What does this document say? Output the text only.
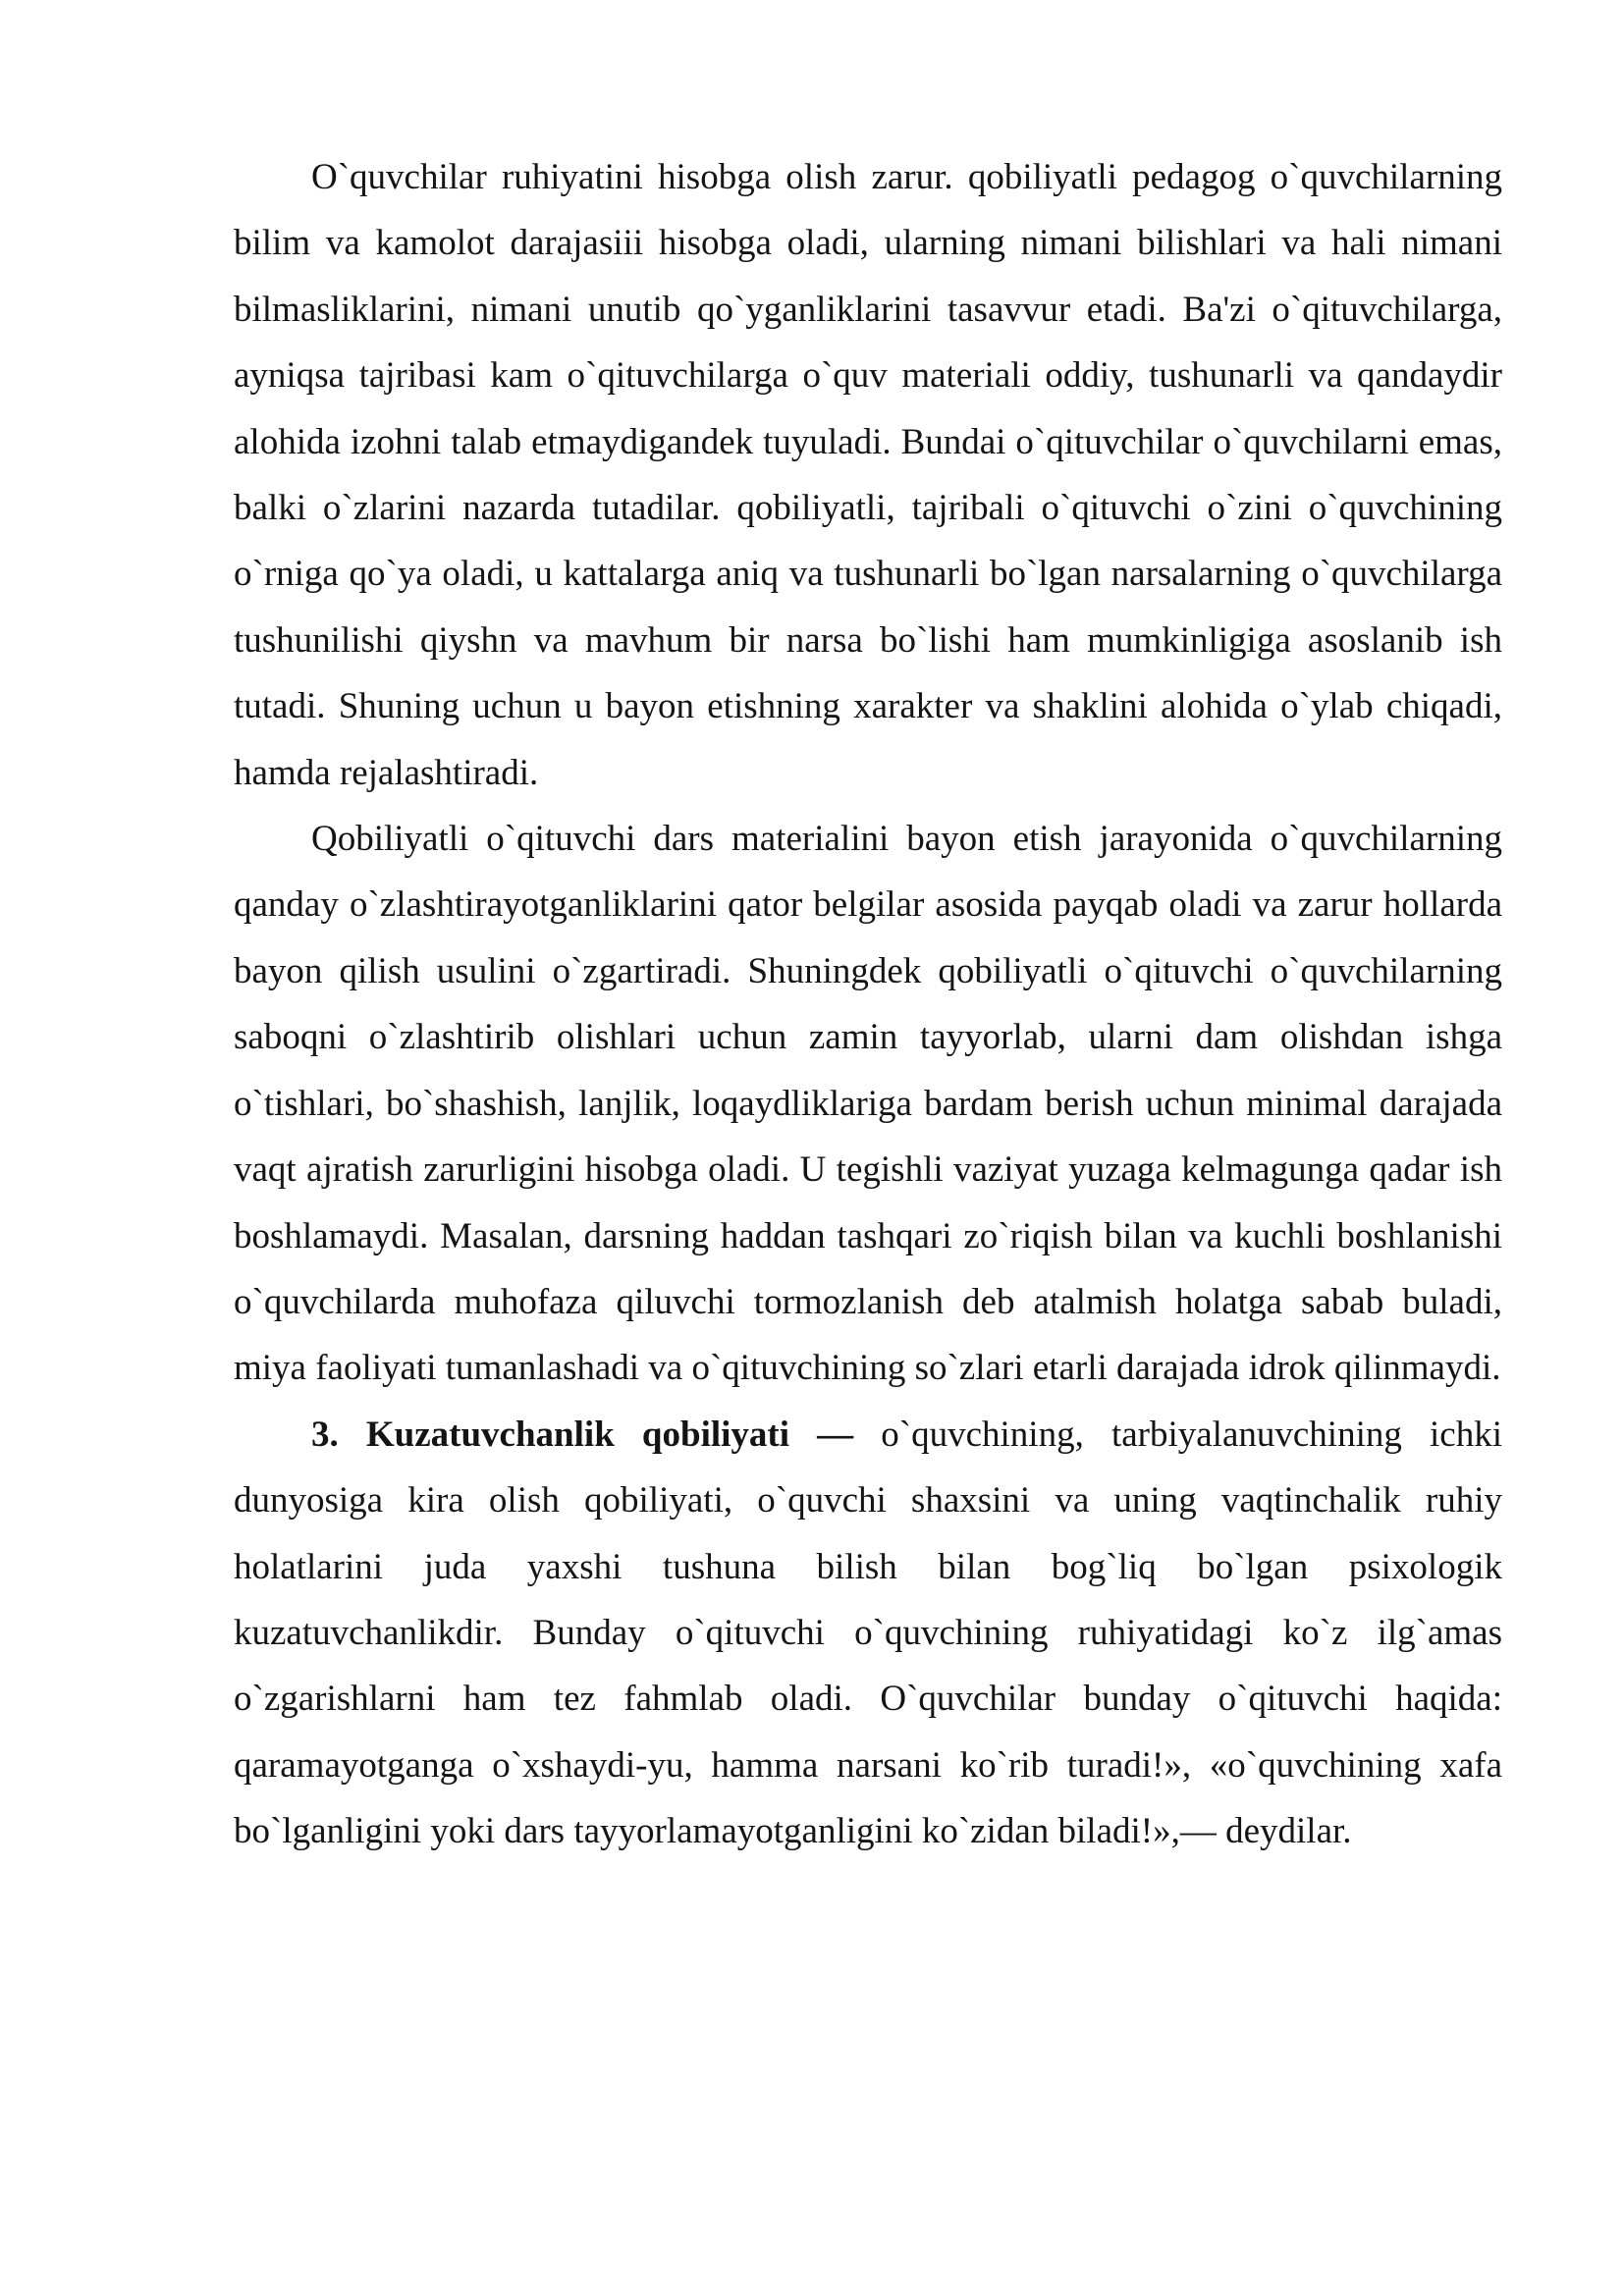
O`quvchilar ruhiyatini hisobga olish zarur. qobiliyatli pedagog o`quvchilarning bilim va kamolot darajasiii hisobga oladi, ularning nimani bilishlari va hali nimani bilmasliklarini, nimani unutib qo`yganliklarini tasavvur etadi. Ba'zi o`qituvchilarga, ayniqsa tajribasi kam o`qituvchilarga o`quv materiali oddiy, tushunarli va qandaydir alohida izohni talab etmaydigandek tuyuladi. Bundai o`qituvchilar o`quvchilarni emas, balki o`zlarini nazarda tutadilar. qobiliyatli, tajribali o`qituvchi o`zini o`quvchining o`rniga qo`ya oladi, u kattalarga aniq va tushunarli bo`lgan narsalarning o`quvchilarga tushunilishi qiyshn va mavhum bir narsa bo`lishi ham mumkinligiga asoslanib ish tutadi. Shuning uchun u bayon etishning xarakter va shaklini alohida o`ylab chiqadi, hamda rejalashtiradi.

Qobiliyatli o`qituvchi dars materialini bayon etish jarayonida o`quvchilarning qanday o`zlashtirayotganliklarini qator belgilar asosida payqab oladi va zarur hollarda bayon qilish usulini o`zgartiradi. Shuningdek qobiliyatli o`qituvchi o`quvchilarning saboqni o`zlashtirib olishlari uchun zamin tayyorlab, ularni dam olishdan ishga o`tishlari, bo`shashish, lanjlik, loqaydliklariga bardam berish uchun minimal darajada vaqt ajratish zarurligini hisobga oladi. U tegishli vaziyat yuzaga kelmagunga qadar ish boshlamaydi. Masalan, darsning haddan tashqari zo`riqish bilan va kuchli boshlanishi o`quvchilarda muhofaza qiluvchi tormozlanish deb atalmish holatga sabab buladi, miya faoliyati tumanlashadi va o`qituvchining so`zlari etarli darajada idrok qilinmaydi.

3. Kuzatuvchanlik qobiliyati — o`quvchining, tarbiyalanuvchining ichki dunyosiga kira olish qobiliyati, o`quvchi shaxsini va uning vaqtinchalik ruhiy holatlarini juda yaxshi tushuna bilish bilan bog`liq bo`lgan psixologik kuzatuvchanlikdir. Bunday o`qituvchi o`quvchining ruhiyatidagi ko`z ilg`amas o`zgarishlarni ham tez fahmlab oladi. O`quvchilar bunday o`qituvchi haqida: qaramayotganga o`xshaydi-yu, hamma narsani ko`rib turadi!», «o`quvchining xafa bo`lganligini yoki dars tayyorlamayotganligini ko`zidan biladi!»,— deydilar.
